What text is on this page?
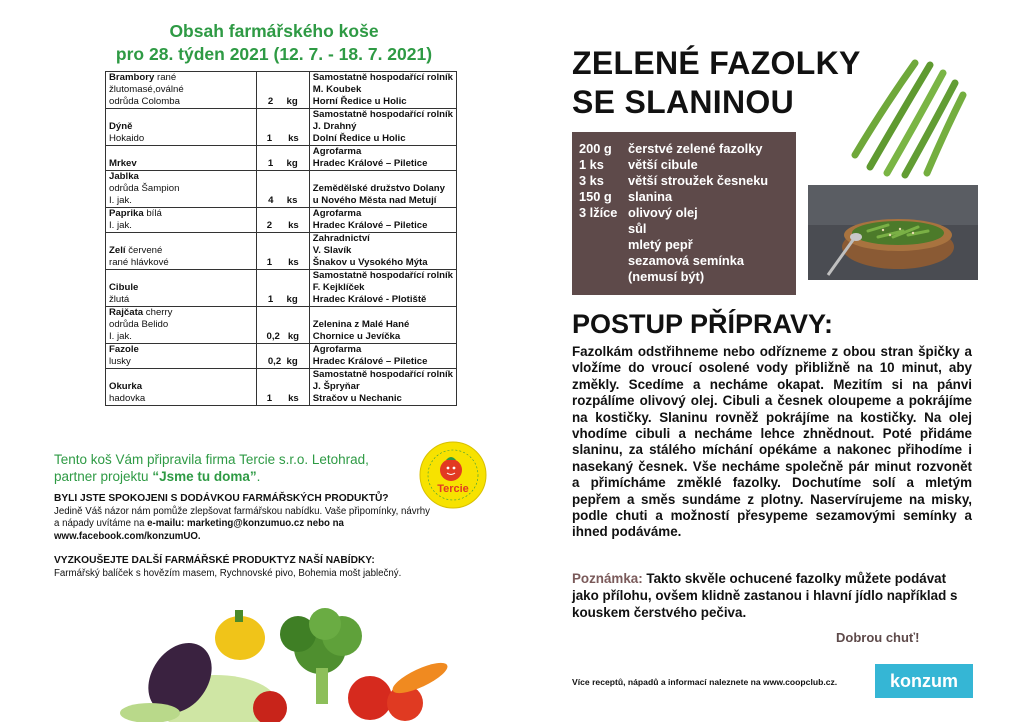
Obsah farmářského koše
pro 28. týden 2021 (12. 7. - 18. 7. 2021)
Brambory rané
žlutomasé,oválné
odrůda Colomba	2     kg	Samostatně hospodařící rolník
M. Koubek
Horní Ředice u Holic

Dýně
Hokaido	1      ks	Samostatně hospodařící rolník
J. Drahný
Dolní Ředice u Holic

Mrkev	1     kg	Agrofarma
Hradec Králové – Piletice

Jablka
odrůda Šampion
I. jak.	4     ks	Zemědělské družstvo Dolany
u Nového Města nad Metují

Paprika bílá
I. jak.	2      ks	Agrofarma
Hradec Králové – Piletice

Zelí červené
rané hlávkové	1      ks	Zahradnictví
V. Slavík
Šnakov u Vysokého Mýta

Cibule
žlutá	1     kg	Samostatně hospodařící rolník
F. Kejklíček
Hradec Králové - Plotiště

Rajčata cherry
odrůda Belido
I. jak.	0,2   kg	Zelenina z Malé Hané
Chornice u Jevíčka

Fazole
lusky	0,2  kg	Agrofarma
Hradec Králové – Piletice

Okurka
hadovka	1      ks	Samostatně hospodařící rolník
J. Špryňar
Stračov u Nechanic
Tento koš Vám připravila firma Tercie s.r.o. Letohrad,
partner projektu “Jsme tu doma”.
Tercie
BYLI JSTE SPOKOJENI S DODÁVKOU FARMÁŘSKÝCH PRODUKTŮ?
Jedině Váš názor nám pomůže zlepšovat farmářskou nabídku. Vaše připomínky, návrhy
a nápady uvítáme na e-mailu: marketing@konzumuo.cz nebo na
www.facebook.com/konzumUO.
VYZKOUŠEJTE DALŠÍ FARMÁŘSKÉ PRODUKTYZ NAŠÍ NABÍDKY:
Farmářský balíček s hovězím masem, Rychnovské pivo, Bohemia mošt jablečný.
ZELENÉ FAZOLKY
SE SLANINOU
200 g	čerstvé zelené fazolky
1 ks	větší cibule
3 ks	větší stroužek česneku
150 g	slanina
3 lžíce olivový olej
sůl
mletý pepř
sezamová semínka
(nemusí být)
POSTUP PŘÍPRAVY:
Fazolkám odstřihneme nebo odřízneme z obou stran špičky a vložíme do vroucí osolené vody přibližně na 10 minut, aby změkly. Scedíme a necháme okapat. Mezitím si na pánvi rozpálíme olivový olej. Cibuli a česnek oloupeme a pokrájíme na kostičky. Slaninu rovněž pokrájíme na kostičky. Na olej vhodíme cibuli a necháme lehce zhnědnout. Poté přidáme slaninu, za stálého míchání opékáme a nakonec přihodíme i nasekaný česnek. Vše necháme společně pár minut rozvonět a přimícháme změklé fazolky. Dochutíme solí a mletým pepřem a směs sundáme z plotny. Naservírujeme na misky, podle chuti a možností přesypeme sezamovými semínky a ihned podáváme.
Poznámka: Takto skvěle ochucené fazolky můžete podávat jako přílohu, ovšem klidně zastanou i hlavní jídlo například s kouskem čerstvého pečiva.
Dobrou chuť!
Více receptů, nápadů a informací naleznete na www.coopclub.cz.	konzum
